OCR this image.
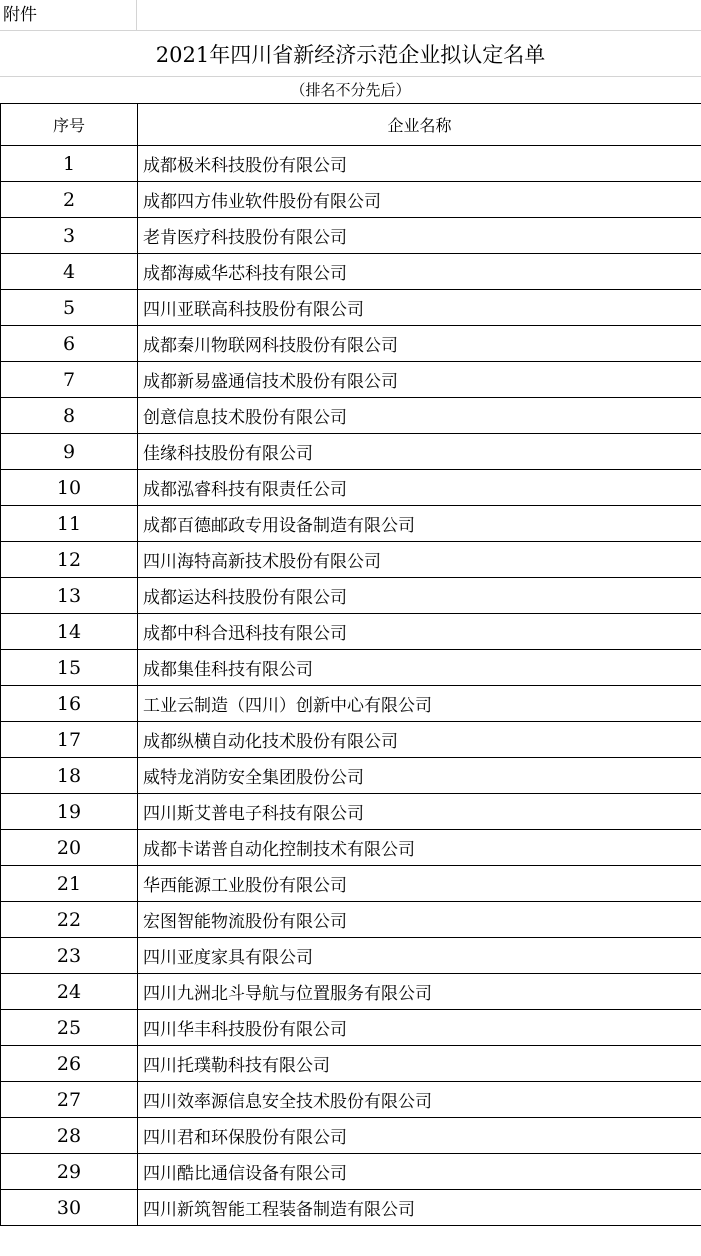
附件
2021年四川省新经济示范企业拟认定名单
（排名不分先后）
序号	企业名称
1	成都极米科技股份有限公司
2	成都四方伟业软件股份有限公司
3	老肯医疗科技股份有限公司
4	成都海威华芯科技有限公司
5	四川亚联高科技股份有限公司
6	成都秦川物联网科技股份有限公司
7	成都新易盛通信技术股份有限公司
8	创意信息技术股份有限公司
9	佳缘科技股份有限公司
10	成都泓睿科技有限责任公司
11	成都百德邮政专用设备制造有限公司
12	四川海特高新技术股份有限公司
13	成都运达科技股份有限公司
14	成都中科合迅科技有限公司
15	成都集佳科技有限公司
16	工业云制造（四川）创新中心有限公司
17	成都纵横自动化技术股份有限公司
18	威特龙消防安全集团股份公司
19	四川斯艾普电子科技有限公司
20	成都卡诺普自动化控制技术有限公司
21	华西能源工业股份有限公司
22	宏图智能物流股份有限公司
23	四川亚度家具有限公司
24	四川九洲北斗导航与位置服务有限公司
25	四川华丰科技股份有限公司
26	四川托璞勒科技有限公司
27	四川效率源信息安全技术股份有限公司
28	四川君和环保股份有限公司
29	四川酷比通信设备有限公司
30	四川新筑智能工程装备制造有限公司
